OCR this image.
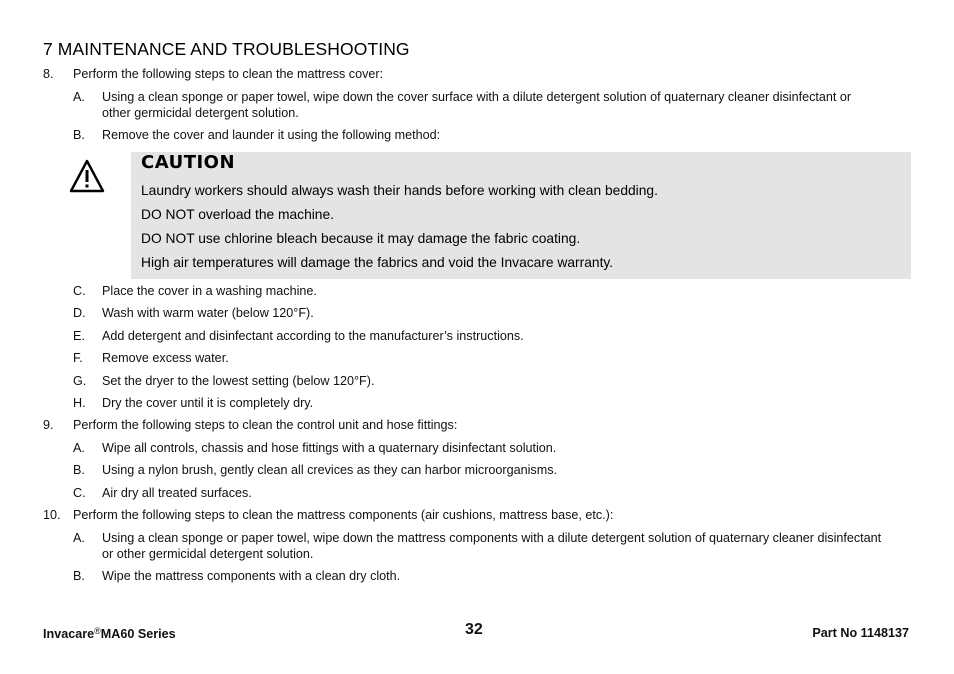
7 MAINTENANCE AND TROUBLESHOOTING
8. Perform the following steps to clean the mattress cover:
A. Using a clean sponge or paper towel, wipe down the cover surface with a dilute detergent solution of quaternary cleaner disinfectant or
other germicidal detergent solution.
B. Remove the cover and launder it using the following method:
CAUTION
Laundry workers should always wash their hands before working with clean bedding.
DO NOT overload the machine.
DO NOT use chlorine bleach because it may damage the fabric coating.
High air temperatures will damage the fabrics and void the Invacare warranty.
C. Place the cover in a washing machine.
D. Wash with warm water (below 120°F).
E. Add detergent and disinfectant according to the manufacturer’s instructions.
F. Remove excess water.
G. Set the dryer to the lowest setting (below 120°F).
H. Dry the cover until it is completely dry.
9. Perform the following steps to clean the control unit and hose fittings:
A. Wipe all controls, chassis and hose fittings with a quaternary disinfectant solution.
B. Using a nylon brush, gently clean all crevices as they can harbor microorganisms.
C. Air dry all treated surfaces.
10. Perform the following steps to clean the mattress components (air cushions, mattress base, etc.):
A. Using a clean sponge or paper towel, wipe down the mattress components with a dilute detergent solution of quaternary cleaner disinfectant
or other germicidal detergent solution.
B. Wipe the mattress components with a clean dry cloth.
Invacare®MA60 Series	32	Part No 1148137
